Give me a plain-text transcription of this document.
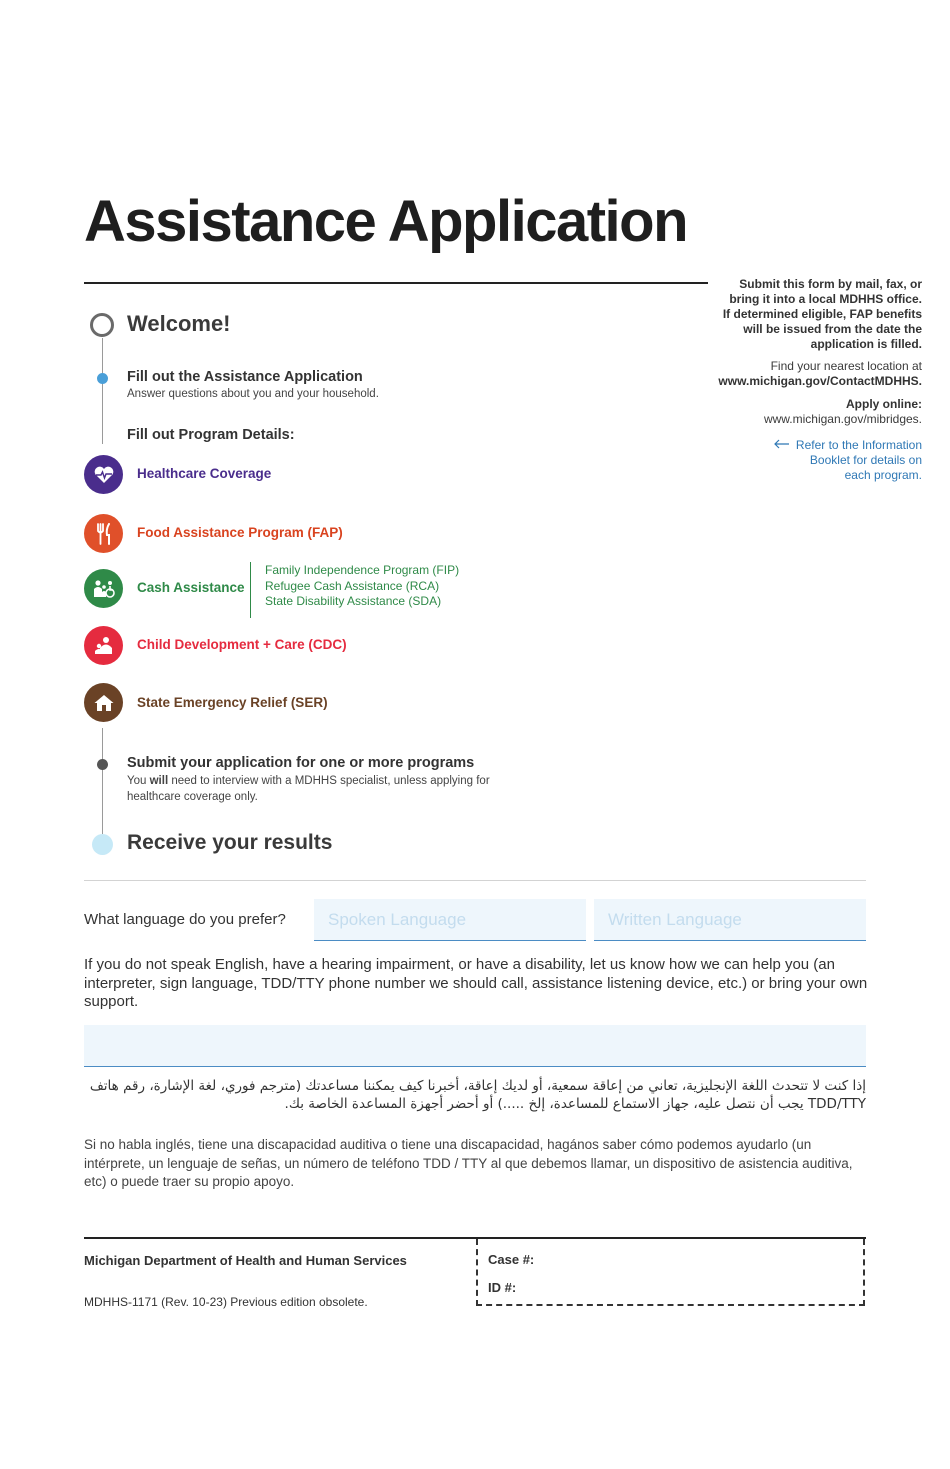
Assistance Application
Submit this form by mail, fax, or
bring it into a local MDHHS office.
If determined eligible, FAP benefits
will be issued from the date the
application is filled.
Find your nearest location at
www.michigan.gov/ContactMDHHS.
Apply online:
www.michigan.gov/mibridges.
Refer to the Information
Booklet for details on
each program.
Welcome!
Fill out the Assistance Application
Answer questions about you and your household.
Fill out Program Details:
Healthcare Coverage
Food Assistance Program (FAP)
Cash Assistance
Family Independence Program (FIP)
Refugee Cash Assistance (RCA)
State Disability Assistance (SDA)
Child Development + Care (CDC)
State Emergency Relief (SER)
Submit your application for one or more programs
You will need to interview with a MDHHS specialist, unless applying for
healthcare coverage only.
Receive your results
What language do you prefer?
Spoken Language
Written Language
If you do not speak English, have a hearing impairment, or have a disability, let us know how we can help you (an interpreter, sign language, TDD/TTY phone number we should call, assistance listening device, etc.) or bring your own support.
إذا كنت لا تتحدث اللغة الإنجليزية، تعاني من إعاقة سمعية، أو لديك إعاقة، أخبرنا كيف يمكننا مساعدتك (مترجم فوري، لغة الإشارة، رقم هاتف
TDD/TTY يجب أن نتصل عليه، جهاز الاستماع للمساعدة، إلخ .....) أو أحضر أجهزة المساعدة الخاصة بك.
Si no habla inglés, tiene una discapacidad auditiva o tiene una discapacidad, hagános saber cómo podemos ayudarlo (un intérprete, un lenguaje de señas, un número de teléfono TDD / TTY al que debemos llamar, un dispositivo de asistencia auditiva, etc) o puede traer su propio apoyo.
Michigan Department of Health and Human Services
MDHHS-1171 (Rev. 10-23) Previous edition obsolete.
Case #:
ID #:
